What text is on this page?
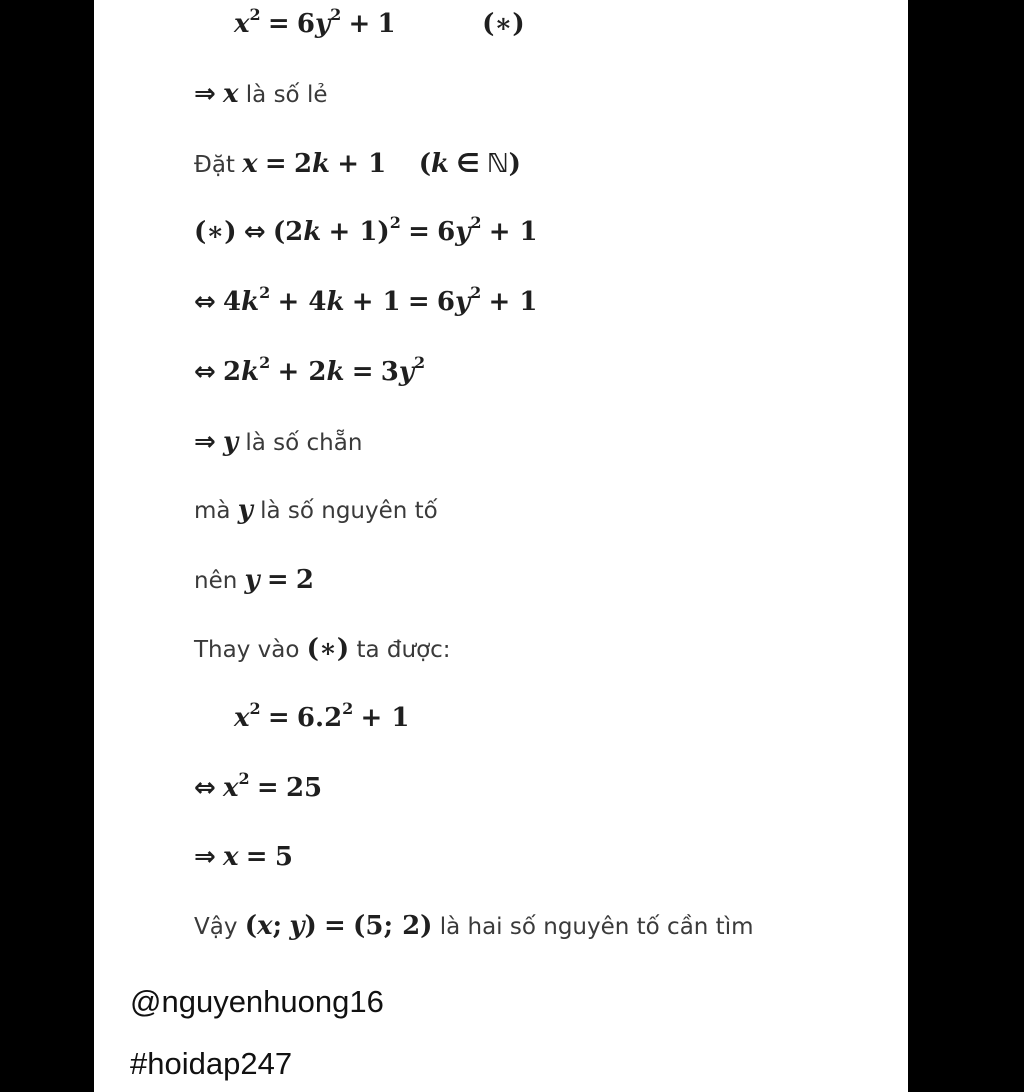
$x^2 = 6y^2 + 1$	(∗)
⇒ x là số lẻ
Đặt x = 2k + 1 (k ∈ ℕ)
(∗) ⇔ $(2k + 1)^2 = 6y^2 + 1$
⇔ $4k^2 + 4k + 1 = 6y^2 + 1$
⇔ $2k^2 + 2k = 3y^2$
⇒ y là số chẵn
mà y là số nguyên tố
nên y = 2
Thay vào (∗) ta được:
$x^2 = 6.2^2 + 1$
⇔ $x^2 = 25$
⇒ x = 5
Vậy (x; y) = (5; 2) là hai số nguyên tố cần tìm
@nguyenhuong16
#hoidap247
